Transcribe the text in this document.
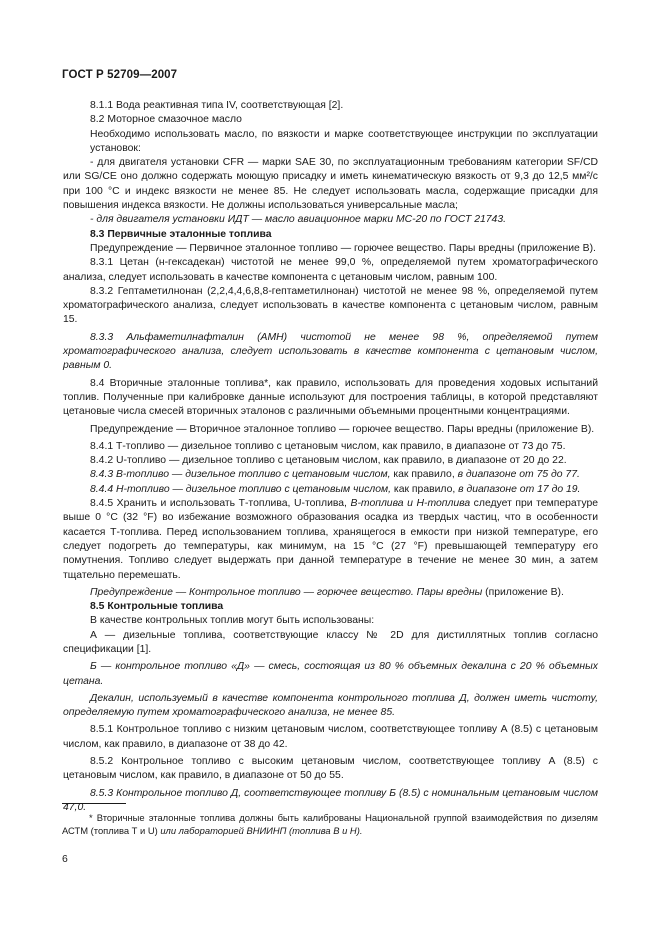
ГОСТ Р 52709—2007

8.1.1 Вода реактивная типа IV, соответствующая [2].

8.2 Моторное смазочное масло

Необходимо использовать масло, по вязкости и марке соответствующее инструкции по эксплуатации установок:

- для двигателя установки CFR — марки SAE 30, по эксплуатационным требованиям категории SF/CD или SG/CE оно должно содержать моющую присадку и иметь кинематическую вязкость от 9,3 до 12,5 мм²/с при 100 °C и индекс вязкости не менее 85. Не следует использовать масла, содержащие присадки для повышения индекса вязкости. Не должны использоваться универсальные масла;

- для двигателя установки ИДТ — масло авиационное марки МС-20 по ГОСТ 21743.

8.3 Первичные эталонные топлива

Предупреждение — Первичное эталонное топливо — горючее вещество. Пары вредны (приложение В).

8.3.1 Цетан (н-гексадекан) чистотой не менее 99,0 %, определяемой путем хроматографического анализа, следует использовать в качестве компонента с цетановым числом, равным 100.

8.3.2 Гептаметилнонан (2,2,4,4,6,8,8-гептаметилнонан) чистотой не менее 98 %, определяемой путем хроматографического анализа, следует использовать в качестве компонента с цетановым числом, равным 15.

8.3.3 Альфаметилнафталин (АМН) чистотой не менее 98 %, определяемой путем хроматографического анализа, следует использовать в качестве компонента с цетановым числом, равным 0.

8.4 Вторичные эталонные топлива*, как правило, использовать для проведения ходовых испытаний топлив. Полученные при калибровке данные используют для построения таблицы, в которой представляют цетановые числа смесей вторичных эталонов с различными объемными процентными концентрациями.

Предупреждение — Вторичное эталонное топливо — горючее вещество. Пары вредны (приложение В).

8.4.1 Т-топливо — дизельное топливо с цетановым числом, как правило, в диапазоне от 73 до 75.

8.4.2 U-топливо — дизельное топливо с цетановым числом, как правило, в диапазоне от 20 до 22.

8.4.3 В-топливо — дизельное топливо с цетановым числом, как правило, в диапазоне от 75 до 77.

8.4.4 Н-топливо — дизельное топливо с цетановым числом, как правило, в диапазоне от 17 до 19.

8.4.5 Хранить и использовать Т-топлива, U-топлива, В-топлива и Н-топлива следует при температуре выше 0 °C (32 °F) во избежание возможного образования осадка из твердых частиц, что в особенности касается Т-топлива. Перед использованием топлива, хранящегося в емкости при низкой температуре, его следует подогреть до температуры, как минимум, на 15 °C (27 °F) превышающей температуру его помутнения. Топливо следует выдержать при данной температуре в течение не менее 30 мин, а затем тщательно перемешать.

Предупреждение — Контрольное топливо — горючее вещество. Пары вредны (приложение В).

8.5 Контрольные топлива

В качестве контрольных топлив могут быть использованы:

А — дизельные топлива, соответствующие классу № 2D для дистиллятных топлив согласно спецификации [1].

Б — контрольное топливо «Д» — смесь, состоящая из 80 % объемных декалина с 20 % объемных цетана.

Декалин, используемый в качестве компонента контрольного топлива Д, должен иметь чистоту, определяемую путем хроматографического анализа, не менее 85.

8.5.1 Контрольное топливо с низким цетановым числом, соответствующее топливу А (8.5) с цетановым числом, как правило, в диапазоне от 38 до 42.

8.5.2 Контрольное топливо с высоким цетановым числом, соответствующее топливу А (8.5) с цетановым числом, как правило, в диапазоне от 50 до 55.

8.5.3 Контрольное топливо Д, соответствующее топливу Б (8.5) с номинальным цетановым числом 47,0.

* Вторичные эталонные топлива должны быть калиброваны Национальной группой взаимодействия по дизелям АСТМ (топлива Т и U) или лабораторией ВНИИНП (топлива В и Н).
6
